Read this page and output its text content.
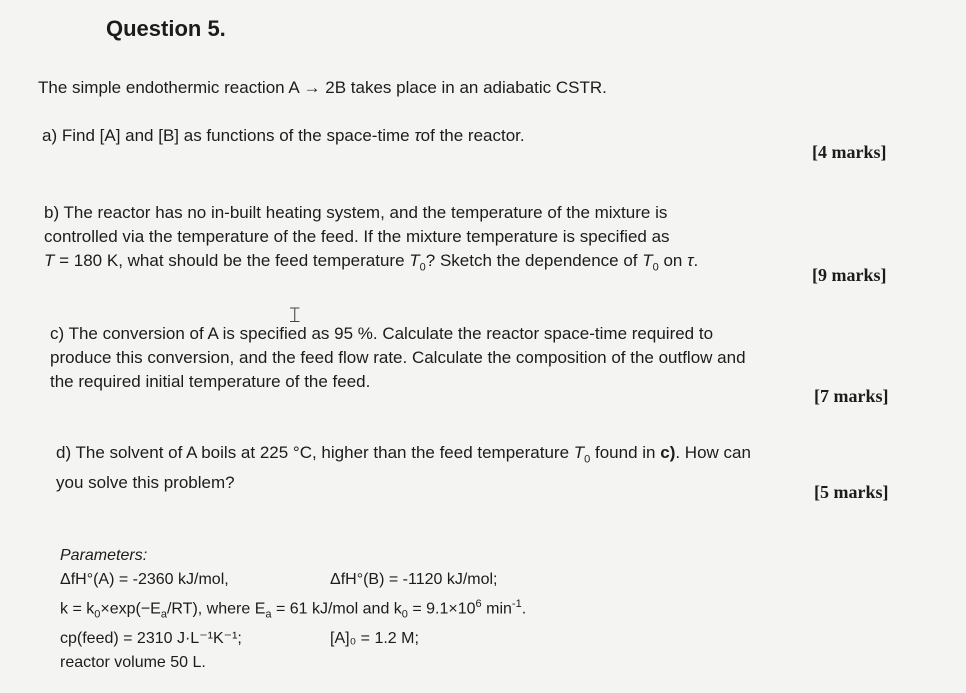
Question 5.
The simple endothermic reaction A → 2B takes place in an adiabatic CSTR.
a) Find [A] and [B] as functions of the space-time τof the reactor.
[4 marks]
b) The reactor has no in-built heating system, and the temperature of the mixture is
controlled via the temperature of the feed. If the mixture temperature is specified as
T = 180 K, what should be the feed temperature $T_0$? Sketch the dependence of $T_0$ on τ.
[9 marks]
𝙸
c) The conversion of A is specified as 95 %. Calculate the reactor space-time required to
produce this conversion, and the feed flow rate. Calculate the composition of the outflow and
the required initial temperature of the feed.
[7 marks]
d) The solvent of A boils at 225 °C, higher than the feed temperature $T_0$ found in c). How can
you solve this problem?	[5 marks]
Parameters:
ΔfH°(A) = -2360 kJ/mol,	ΔfH°(B) = -1120 kJ/mol;
$k = k_0\times\exp(-E_a/RT)$, where $E_a = 61$ kJ/mol and $k_0 = 9.1\times 10^6$ $\min^{-1}$.
cp(feed) = 2310 J·L⁻¹K⁻¹;	[A]₀ = 1.2 M;
reactor volume 50 L.
